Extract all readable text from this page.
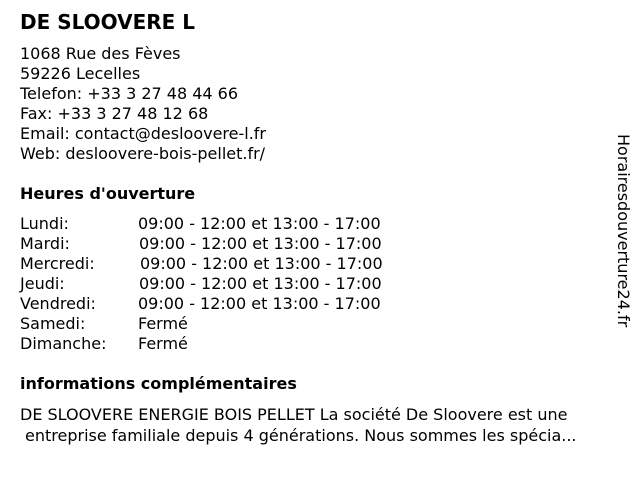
DE SLOOVERE L
1068 Rue des Fèves
59226 Lecelles
Telefon: +33 3 27 48 44 66
Fax: +33 3 27 48 12 68
Email: contact@desloovere-l.fr
Web: desloovere-bois-pellet.fr/
Heures d'ouverture
Lundi:	09:00 - 12:00 et 13:00 - 17:00
Mardi:	09:00 - 12:00 et 13:00 - 17:00
Mercredi:	09:00 - 12:00 et 13:00 - 17:00
Jeudi:	09:00 - 12:00 et 13:00 - 17:00
Vendredi:	09:00 - 12:00 et 13:00 - 17:00
Samedi:	Fermé
Dimanche: Fermé
informations complémentaires
DE SLOOVERE ENERGIE BOIS PELLET La société De Sloovere est une
entreprise familiale depuis 4 générations. Nous sommes les spécia...
Horairesdouverture24.fr
